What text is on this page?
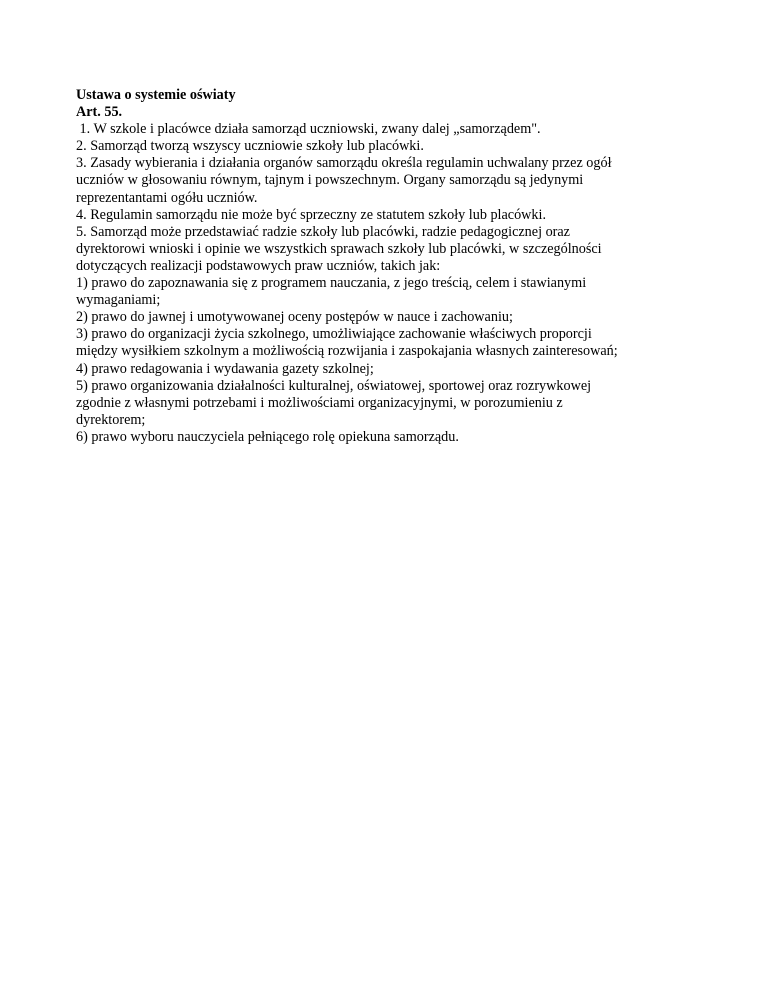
Ustawa o systemie oświaty
Art. 55.
1. W szkole i placówce działa samorząd uczniowski, zwany dalej „samorządem".
2. Samorząd tworzą wszyscy uczniowie szkoły lub placówki.
3. Zasady wybierania i działania organów samorządu określa regulamin uchwalany przez ogół
uczniów w głosowaniu równym, tajnym i powszechnym. Organy samorządu są jedynymi
reprezentantami ogółu uczniów.
4. Regulamin samorządu nie może być sprzeczny ze statutem szkoły lub placówki.
5. Samorząd może przedstawiać radzie szkoły lub placówki, radzie pedagogicznej oraz
dyrektorowi wnioski i opinie we wszystkich sprawach szkoły lub placówki, w szczególności
dotyczących realizacji podstawowych praw uczniów, takich jak:
1) prawo do zapoznawania się z programem nauczania, z jego treścią, celem i stawianymi
wymaganiami;
2) prawo do jawnej i umotywowanej oceny postępów w nauce i zachowaniu;
3) prawo do organizacji życia szkolnego, umożliwiające zachowanie właściwych proporcji
między wysiłkiem szkolnym a możliwością rozwijania i zaspokajania własnych zainteresowań;
4) prawo redagowania i wydawania gazety szkolnej;
5) prawo organizowania działalności kulturalnej, oświatowej, sportowej oraz rozrywkowej
zgodnie z własnymi potrzebami i możliwościami organizacyjnymi, w porozumieniu z
dyrektorem;
6) prawo wyboru nauczyciela pełniącego rolę opiekuna samorządu.
